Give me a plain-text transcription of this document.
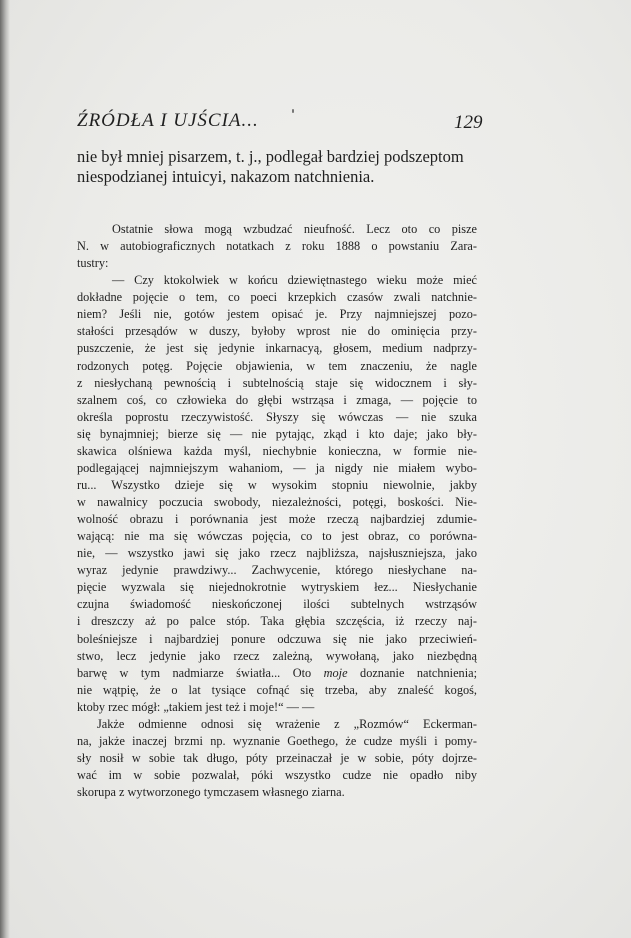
ŹRÓDŁA I UJŚCIA...	129
nie był mniej pisarzem, t. j., podlegał bardziej podszeptom
niespodzianej intuicyi, nakazom natchnienia.
Ostatnie słowa mogą wzbudzać nieufność. Lecz oto co pisze
N. w autobiograficznych notatkach z roku 1888 o powstaniu Zara-
tustry:
— Czy ktokolwiek w końcu dziewiętnastego wieku może mieć
dokładne pojęcie o tem, co poeci krzepkich czasów zwali natchnie-
niem? Jeśli nie, gotów jestem opisać je. Przy najmniejszej pozo-
stałości przesądów w duszy, byłoby wprost nie do ominięcia przy-
puszczenie, że jest się jedynie inkarnacyą, głosem, medium nadprzy-
rodzonych potęg. Pojęcie objawienia, w tem znaczeniu, że nagle
z niesłychaną pewnością i subtelnością staje się widocznem i sły-
szalnem coś, co człowieka do głębi wstrząsa i zmaga, — pojęcie to
określa poprostu rzeczywistość. Słyszy się wówczas — nie szuka
się bynajmniej; bierze się — nie pytając, zkąd i kto daje; jako bły-
skawica olśniewa każda myśl, niechybnie konieczna, w formie nie-
podlegającej najmniejszym wahaniom, — ja nigdy nie miałem wybo-
ru... Wszystko dzieje się w wysokim stopniu niewolnie, jakby
w nawalnicy poczucia swobody, niezależności, potęgi, boskości. Nie-
wolność obrazu i porównania jest może rzeczą najbardziej zdumie-
wającą: nie ma się wówczas pojęcia, co to jest obraz, co porówna-
nie, — wszystko jawi się jako rzecz najbliższa, najsłuszniejsza, jako
wyraz jedynie prawdziwy... Zachwycenie, którego niesłychane na-
pięcie wyzwala się niejednokrotnie wytryskiem łez... Niesłychanie
czujna świadomość nieskończonej ilości subtelnych wstrząsów
i dreszczy aż po palce stóp. Taka głębia szczęścia, iż rzeczy naj-
boleśniejsze i najbardziej ponure odczuwa się nie jako przeciwień-
stwo, lecz jedynie jako rzecz zależną, wywołaną, jako niezbędną
barwę w tym nadmiarze światła... Oto moje doznanie natchnienia;
nie wątpię, że o lat tysiące cofnąć się trzeba, aby znaleść kogoś,
ktoby rzec mógł: „takiem jest też i moje!“ — —
Jakże odmienne odnosi się wrażenie z „Rozmów“ Eckerman-
na, jakże inaczej brzmi np. wyznanie Goethego, że cudze myśli i pomy-
sły nosił w sobie tak długo, póty przeinaczał je w sobie, póty dojrze-
wać im w sobie pozwalał, póki wszystko cudze nie opadło niby
skorupa z wytworzonego tymczasem własnego ziarna.
